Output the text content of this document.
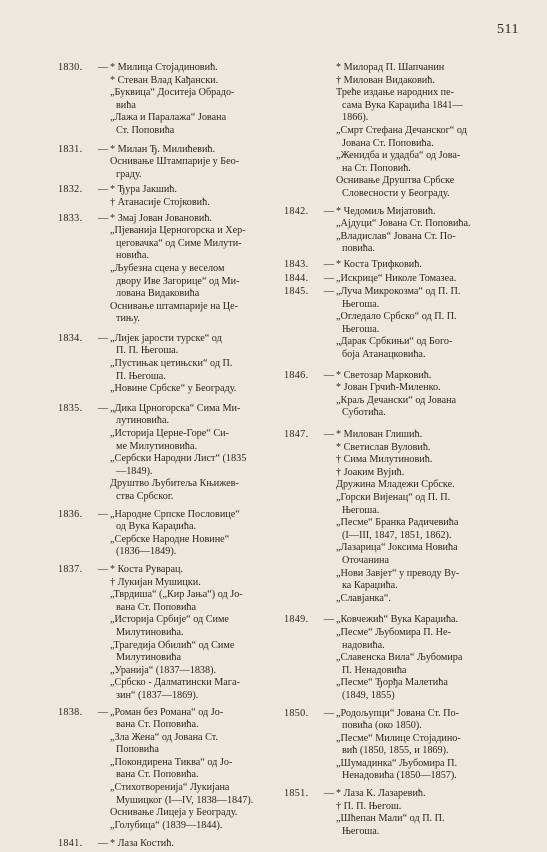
511
1830.	— * Милица Стојадиновић.
* Стеван Влад Кађански.
„Буквица“ Доситеја Обрадо-
вића
„Лажа и Паралажа“ Јована
Ст. Поповића
1831.	— * Милан Ђ. Милићевић.
Оснивање Штампарије у Бео-
граду.
1832.	— * Ђура Јакшић.
† Атанасије Стојковић.
1833.	— * Змај Јован Јовановић.
„Пјеванија Церногорска и Хер-
цеговачка“ од Симе Милути-
новића.
„Љубезна сцена у веселом
двору Иве Загорице“ од Ми-
лована Видаковића
Оснивање штампарије на Це-
тињу.
1834.	— „Лијек јарости турске“ од
П. П. Његоша.
„Пустињак цетињски“ од П.
П. Његоша.
„Новине Србске“ у Београду.
1835.	— „Дика Црногорска“ Сима Ми-
лутиновића.
„Историја Церне-Горе“ Си-
ме Милутиновића.
„Сербски Народни Лист“ (1835
—1849).
Друштво Љубитеља Књижев-
ства Србског.
1836.	— „Народне Српске Пословице“
од Вука Караџића.
„Сербске Народне Новине“
(1836—1849).
1837.	— * Коста Руварац.
† Лукијан Мушицки.
„Тврдиша“ („Кир Јања“) од Јо-
вана Ст. Поповића
„Историја Србије“ од Симе
Милутиновића.
„Трагедија Обилић“ од Симе
Милутиновића
„Уранија“ (1837—1838).
„Србско - Далматински Мага-
зин“ (1837—1869).
1838.	— „Роман без Романа“ од Јо-
вана Ст. Поповића.
„Зла Жена“ од Јована Ст.
Поповића
„Покондирена Тиква“ од Јо-
вана Ст. Поповића.
„Стихотворенија“ Лукијана
Мушицког (I—IV, 1838—1847).
Оснивање Лицеја у Београду.
„Голубица“ (1839—1844).
1841.	— * Лаза Костић.
* Милорад П. Шапчанин
† Милован Видаковић.
Треће издање народних пе-
сама Вука Караџића 1841—
1866).
„Смрт Стефана Дечанског“ од
Јована Ст. Поповића.
„Женидба и удадба“ од Јова-
на Ст. Поповић.
Оснивање Друштва Србске
Словесности у Београду.
1842.	— * Чедомиљ Мијатовић.
„Ајдуци“ Јована Ст. Поповића.
„Владислав“ Јована Ст. По-
повића.
1843.	— * Коста Трифковић.
1844.	— „Искрице“ Николе Томазеа.
1845.	— „Луча Микрокозма“ од П. П.
Његоша.
„Огледало Србско“ од П. П.
Његоша.
„Дарак Србкињи“ од Бого-
боја Атанацковића.
1846.	— * Светозар Марковић.
* Јован Грчић-Миленко.
„Краљ Дечански“ од Јована
Суботића.
1847.	— * Милован Глишић.
* Светислав Вуловић.
† Сима Милутиновић.
† Јоаким Вујић.
Дружина Младежи Србске.
„Горски Вијенац“ од П. П.
Његоша.
„Песме“ Бранка Радичевића
(I—III, 1847, 1851, 1862).
„Лазарица“ Јоксима Новића
Оточанина
„Нови Завјет“ у преводу Ву-
ка Караџића.
„Славјанка“.
1849.	— „Ковчежић“ Вука Караџића.
„Песме“ Љубомира П. Не-
надовића.
„Славенска Вила“ Љубомира
П. Ненадовића
„Песме“ Ђорђа Малетића
(1849, 1855)
1850.	— „Родољупци“ Јована Ст. По-
повића (око 1850).
„Песме“ Милице Стојадино-
вић (1850, 1855, и 1869).
„Шумадинка“ Љубомира П.
Ненадовића (1850—1857).
1851.	— * Лаза К. Лазаревић.
† П. П. Његош.
„Шћепан Мали“ од П. П.
Његоша.
